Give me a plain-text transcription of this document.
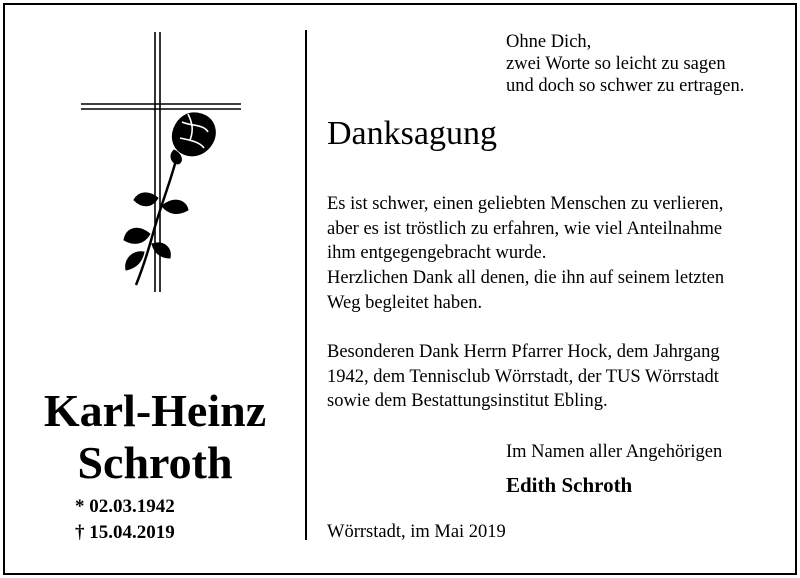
Karl-Heinz
Schroth
* 02.03.1942
† 15.04.2019
Ohne Dich,
zwei Worte so leicht zu sagen
und doch so schwer zu ertragen.
Danksagung
Es ist schwer, einen geliebten Menschen zu verlieren,
aber es ist tröstlich zu erfahren, wie viel Anteilnahme
ihm entgegengebracht wurde.
Herzlichen Dank all denen, die ihn auf seinem letzten
Weg begleitet haben.
Besonderen Dank Herrn Pfarrer Hock, dem Jahrgang
1942, dem Tennisclub Wörrstadt, der TUS Wörrstadt
sowie dem Bestattungsinstitut Ebling.
Im Namen aller Angehörigen
Edith Schroth
Wörrstadt, im Mai 2019
